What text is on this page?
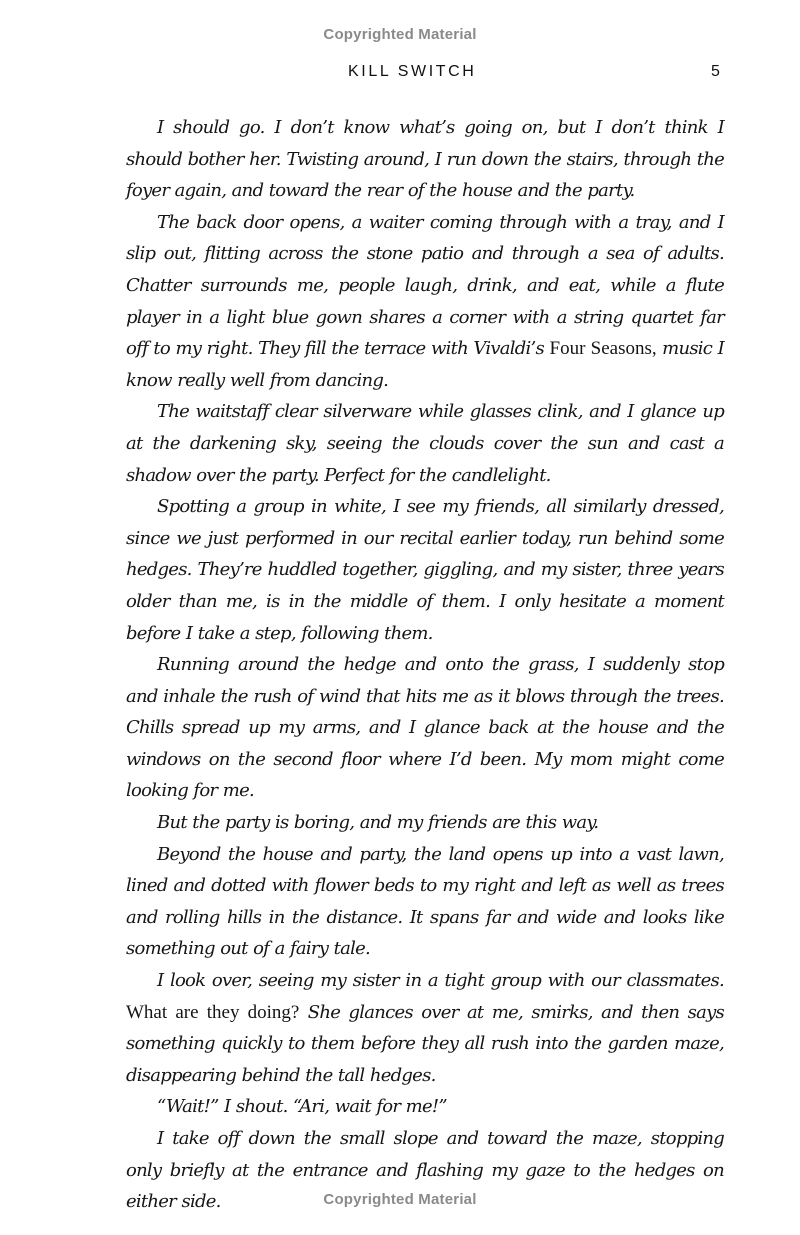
Copyrighted Material
KILL SWITCH	5

I should go. I don’t know what’s going on, but I don’t think I should bother her. Twisting around, I run down the stairs, through the foyer again, and toward the rear of the house and the party.

The back door opens, a waiter coming through with a tray, and I slip out, flitting across the stone patio and through a sea of adults. Chatter surrounds me, people laugh, drink, and eat, while a flute player in a light blue gown shares a corner with a string quartet far off to my right. They fill the terrace with Vivaldi’s Four Seasons, music I know really well from dancing.

The waitstaff clear silverware while glasses clink, and I glance up at the darkening sky, seeing the clouds cover the sun and cast a shadow over the party. Perfect for the candlelight.

Spotting a group in white, I see my friends, all similarly dressed, since we just performed in our recital earlier today, run behind some hedges. They’re huddled together, giggling, and my sister, three years older than me, is in the middle of them. I only hesitate a moment before I take a step, following them.

Running around the hedge and onto the grass, I suddenly stop and inhale the rush of wind that hits me as it blows through the trees. Chills spread up my arms, and I glance back at the house and the windows on the second floor where I’d been. My mom might come looking for me.

But the party is boring, and my friends are this way.

Beyond the house and party, the land opens up into a vast lawn, lined and dotted with flower beds to my right and left as well as trees and rolling hills in the distance. It spans far and wide and looks like something out of a fairy tale.

I look over, seeing my sister in a tight group with our classmates. What are they doing? She glances over at me, smirks, and then says something quickly to them before they all rush into the garden maze, disappearing behind the tall hedges.

“Wait!” I shout. “Ari, wait for me!”

I take off down the small slope and toward the maze, stopping only briefly at the entrance and flashing my gaze to the hedges on either side.	Copyrighted Material
